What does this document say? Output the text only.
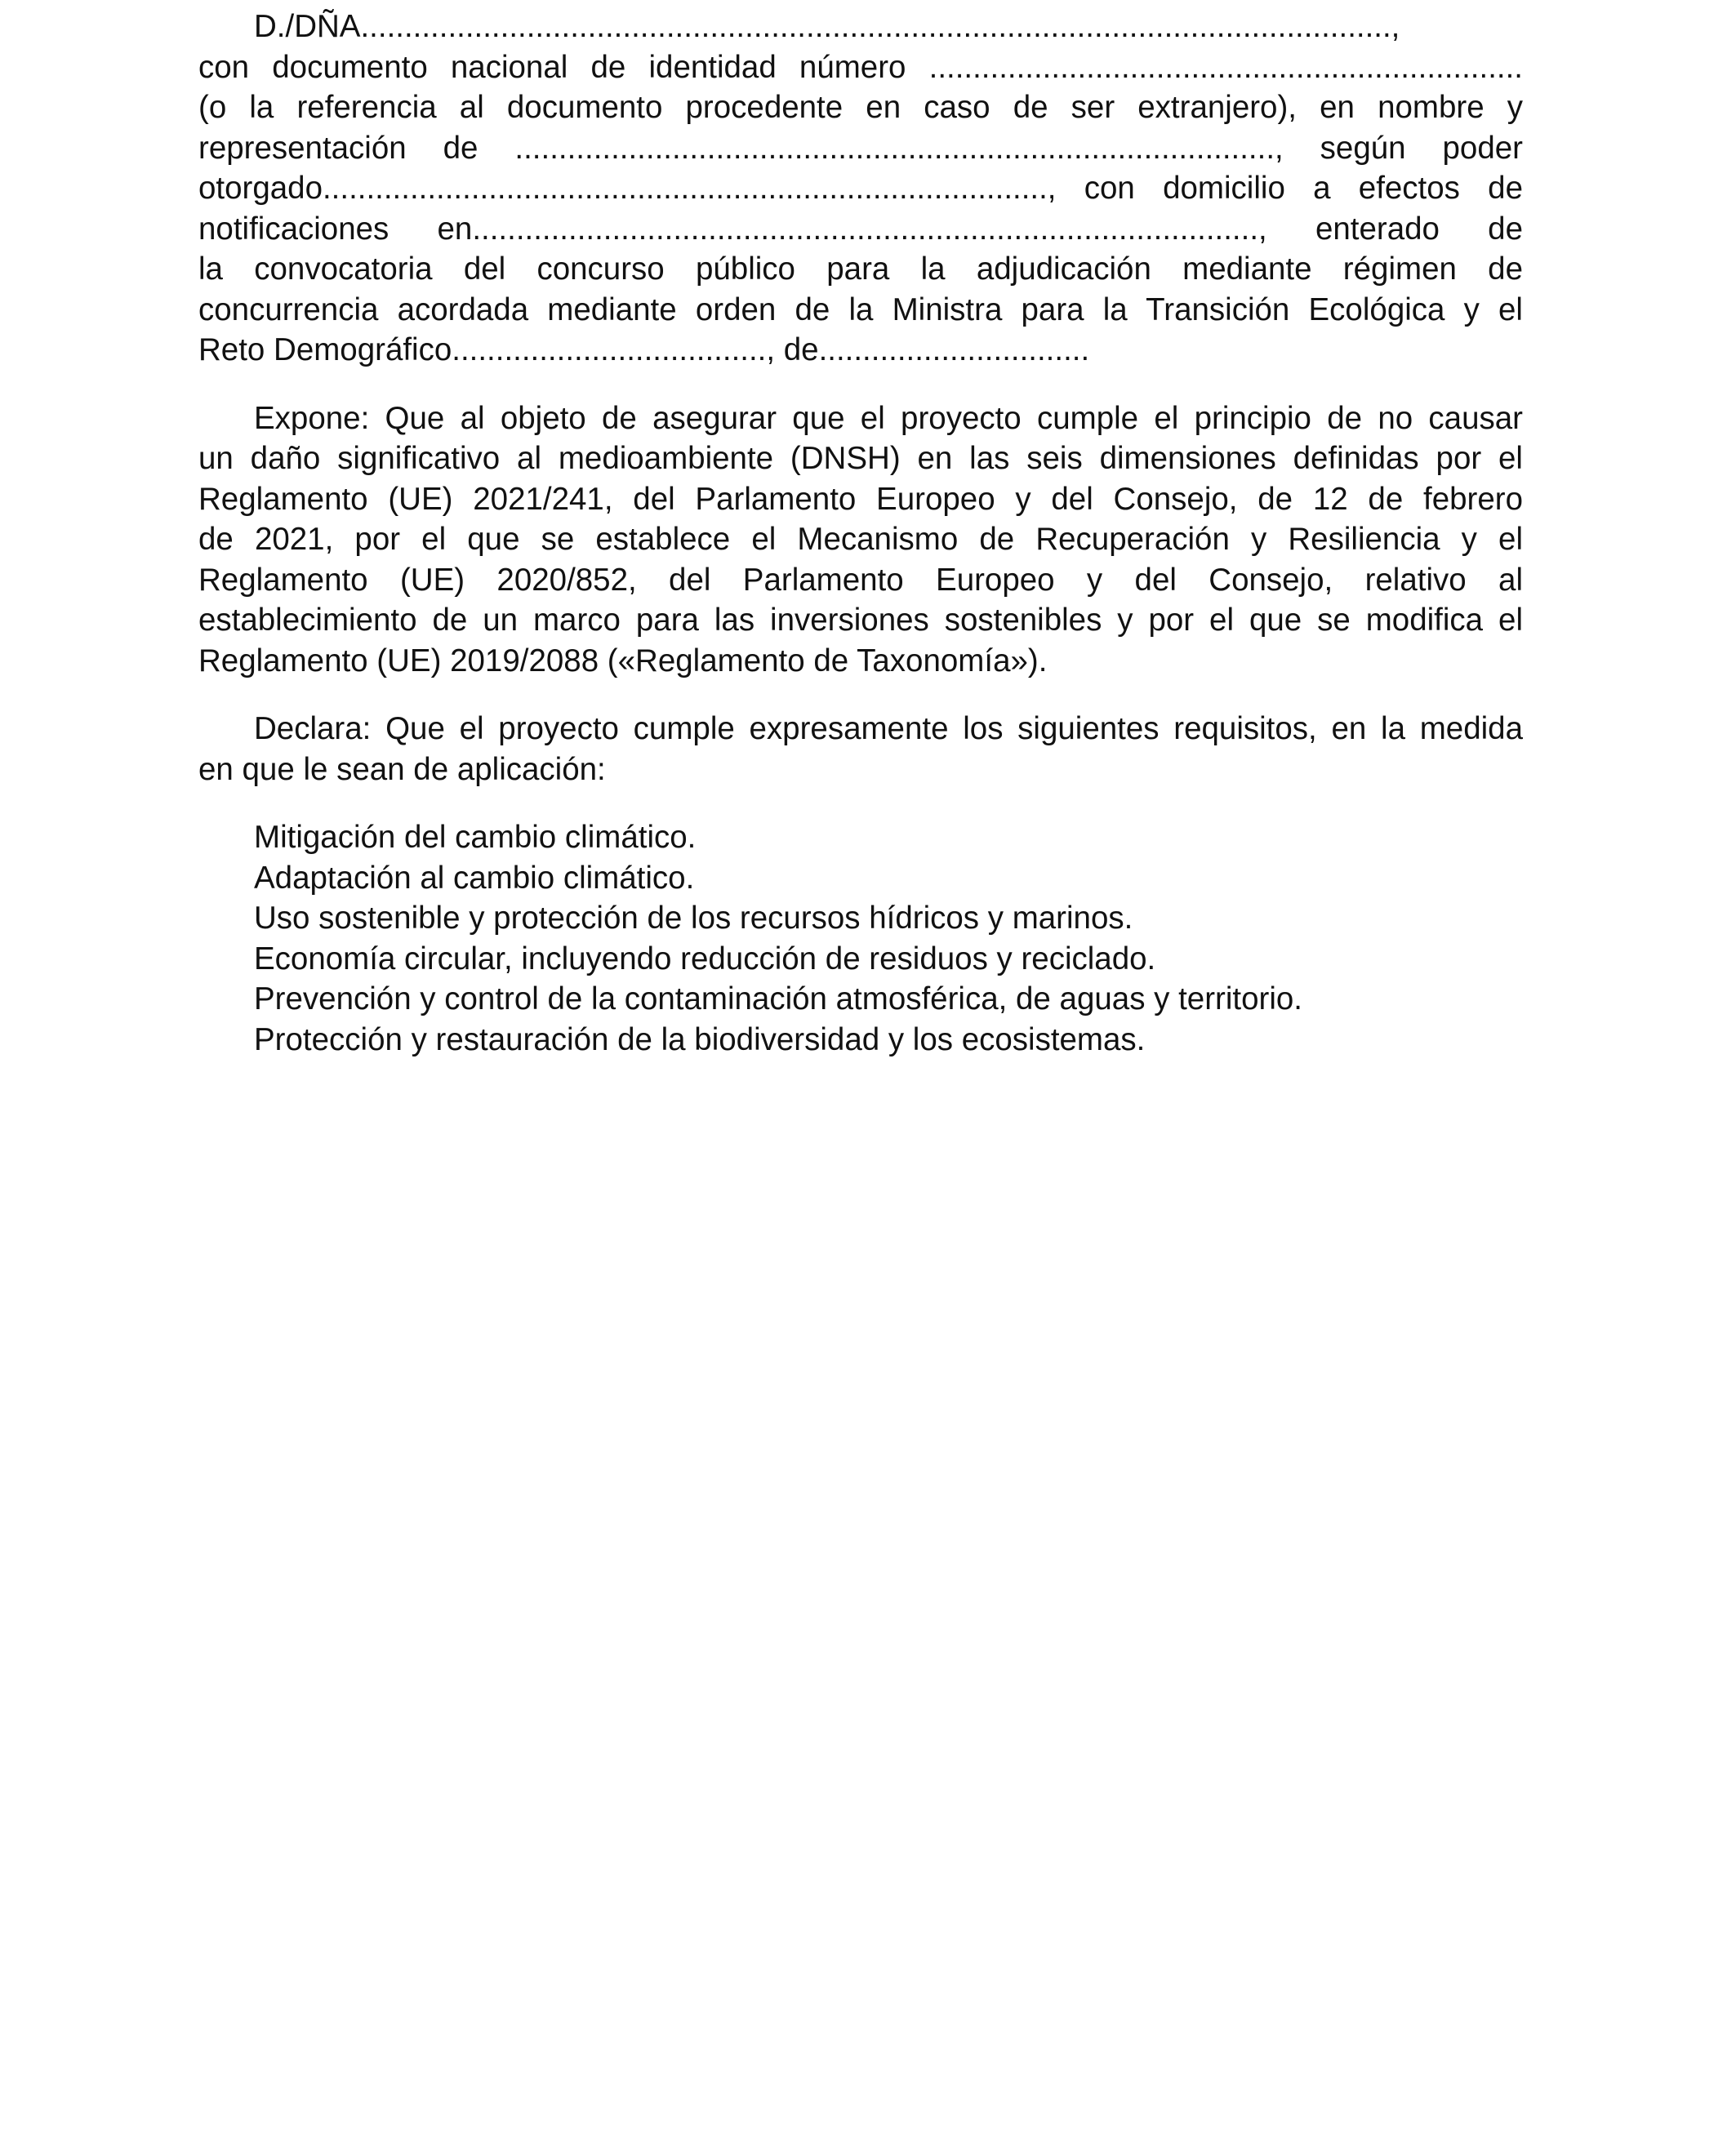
D./DÑA......................................................................................................................,
con documento nacional de identidad número ....................................................................
(o la referencia al documento procedente en caso de ser extranjero), en nombre y
representación de ......................................................................................., según poder
otorgado..................................................................................., con domicilio a efectos de
notificaciones en.........................................................................................., enterado de
la convocatoria del concurso público para la adjudicación mediante régimen de
concurrencia acordada mediante orden de la Ministra para la Transición Ecológica y el
Reto Demográfico...................................., de...............................
Expone: Que al objeto de asegurar que el proyecto cumple el principio de no causar
un daño significativo al medioambiente (DNSH) en las seis dimensiones definidas por el
Reglamento (UE) 2021/241, del Parlamento Europeo y del Consejo, de 12 de febrero
de 2021, por el que se establece el Mecanismo de Recuperación y Resiliencia y el
Reglamento (UE) 2020/852, del Parlamento Europeo y del Consejo, relativo al
establecimiento de un marco para las inversiones sostenibles y por el que se modifica el
Reglamento (UE) 2019/2088 («Reglamento de Taxonomía»).
Declara: Que el proyecto cumple expresamente los siguientes requisitos, en la medida
en que le sean de aplicación:
Mitigación del cambio climático.
Adaptación al cambio climático.
Uso sostenible y protección de los recursos hídricos y marinos.
Economía circular, incluyendo reducción de residuos y reciclado.
Prevención y control de la contaminación atmosférica, de aguas y territorio.
Protección y restauración de la biodiversidad y los ecosistemas.
